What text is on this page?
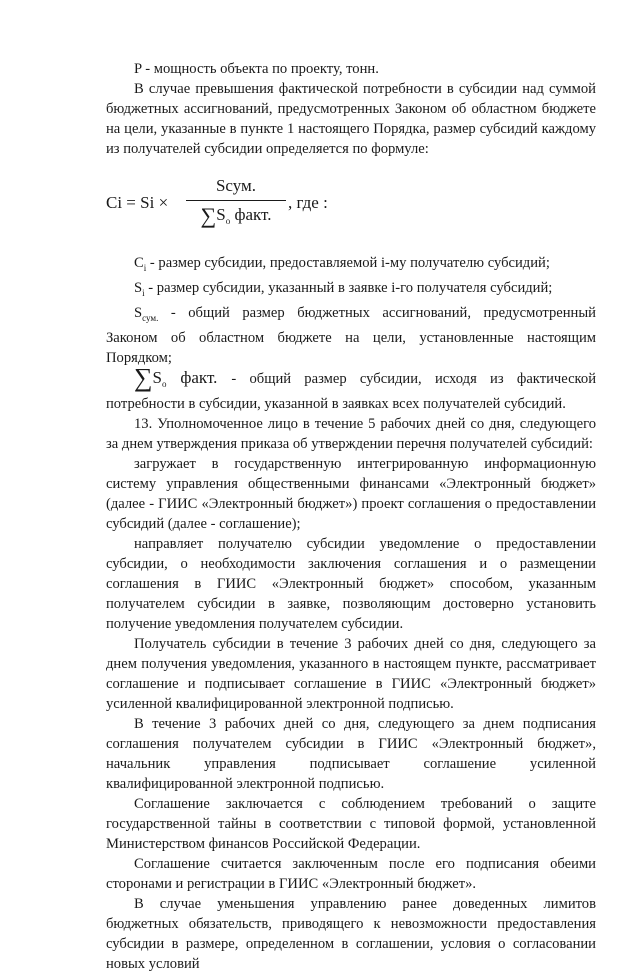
P - мощность объекта по проекту, тонн.

В случае превышения фактической потребности в субсидии над суммой бюджетных ассигнований, предусмотренных Законом об областном бюджете на цели, указанные в пункте 1 настоящего Порядка, размер субсидий каждому из получателей субсидии определяется по формуле:

Ci = Si ×
Sсум.
$\sum S_о$ факт.
, где :

$C_i$ - размер субсидии, предоставляемой i-му получателю субсидий;

$S_i$ - размер субсидии, указанный в заявке i-го получателя субсидий;

$S_{сум.}$ - общий размер бюджетных ассигнований, предусмотренный Законом об областном бюджете на цели, установленные настоящим Порядком;

$\sum S_о$ факт. - общий размер субсидии, исходя из фактической потребности в субсидии, указанной в заявках всех получателей субсидий.

13. Уполномоченное лицо в течение 5 рабочих дней со дня, следующего за днем утверждения приказа об утверждении перечня получателей субсидий:

загружает в государственную интегрированную информационную систему управления общественными финансами «Электронный бюджет» (далее - ГИИС «Электронный бюджет») проект соглашения о предоставлении субсидий (далее - соглашение);

направляет получателю субсидии уведомление о предоставлении субсидии, о необходимости заключения соглашения и о размещении соглашения в ГИИС «Электронный бюджет» способом, указанным получателем субсидии в заявке, позволяющим достоверно установить получение уведомления получателем субсидии.

Получатель субсидии в течение 3 рабочих дней со дня, следующего за днем получения уведомления, указанного в настоящем пункте, рассматривает соглашение и подписывает соглашение в ГИИС «Электронный бюджет» усиленной квалифицированной электронной подписью.

В течение 3 рабочих дней со дня, следующего за днем подписания соглашения получателем субсидии в ГИИС «Электронный бюджет», начальник управления подписывает соглашение усиленной квалифицированной электронной подписью.

Соглашение заключается с соблюдением требований о защите государственной тайны в соответствии с типовой формой, установленной Министерством финансов Российской Федерации.

Соглашение считается заключенным после его подписания обеими сторонами и регистрации в ГИИС «Электронный бюджет».

В случае уменьшения управлению ранее доведенных лимитов бюджетных обязательств, приводящего к невозможности предоставления субсидии в размере, определенном в соглашении, условия о согласовании новых условий
